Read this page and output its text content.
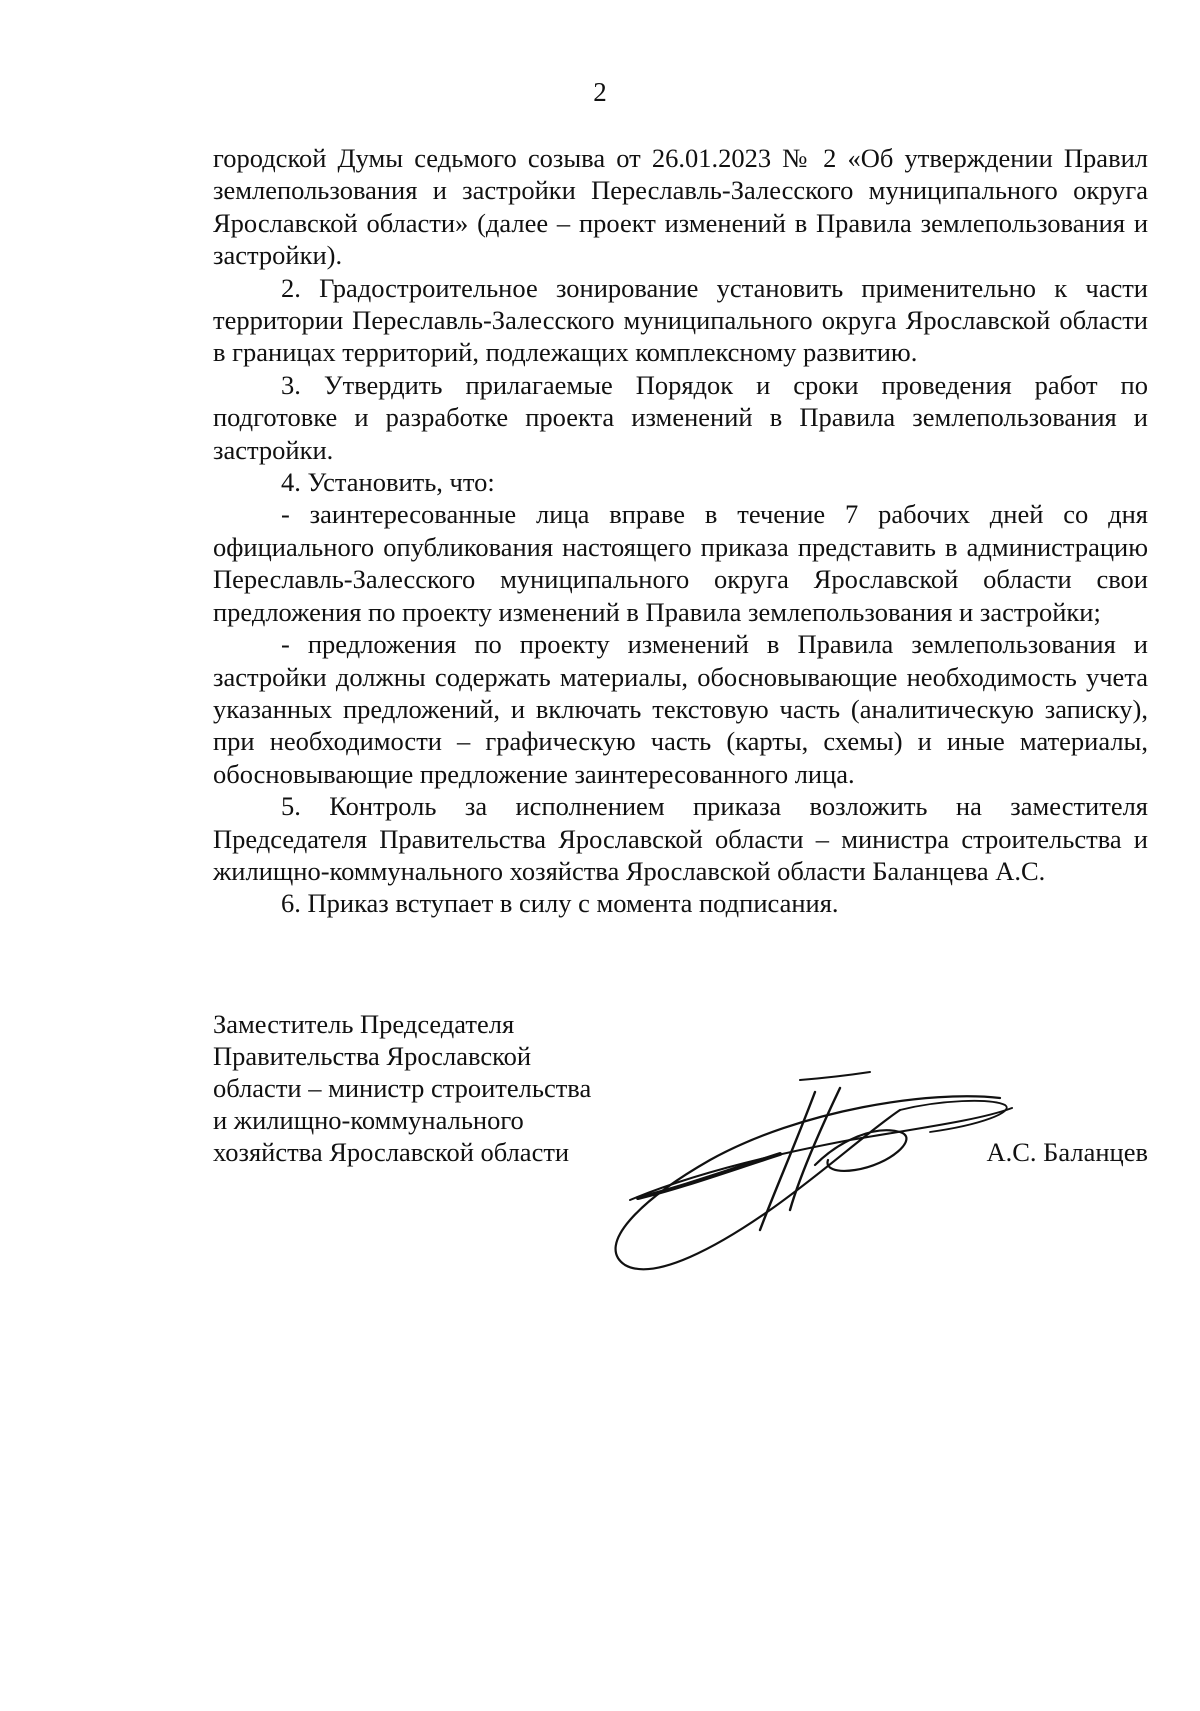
2

городской Думы седьмого созыва от 26.01.2023 № 2 «Об утверждении Правил землепользования и застройки Переславль-Залесского муниципального округа Ярославской области» (далее – проект изменений в Правила землепользования и застройки).

2. Градостроительное зонирование установить применительно к части территории Переславль-Залесского муниципального округа Ярославской области в границах территорий, подлежащих комплексному развитию.

3. Утвердить прилагаемые Порядок и сроки проведения работ по подготовке и разработке проекта изменений в Правила землепользования и застройки.

4. Установить, что:

- заинтересованные лица вправе в течение 7 рабочих дней со дня официального опубликования настоящего приказа представить в администрацию Переславль-Залесского муниципального округа Ярославской области свои предложения по проекту изменений в Правила землепользования и застройки;

- предложения по проекту изменений в Правила землепользования и застройки должны содержать материалы, обосновывающие необходимость учета указанных предложений, и включать текстовую часть (аналитическую записку), при необходимости – графическую часть (карты, схемы) и иные материалы, обосновывающие предложение заинтересованного лица.

5. Контроль за исполнением приказа возложить на заместителя Председателя Правительства Ярославской области – министра строительства и жилищно-коммунального хозяйства Ярославской области Баланцева А.С.

6. Приказ вступает в силу с момента подписания.

Заместитель Председателя
Правительства Ярославской
области – министр строительства
и жилищно-коммунального
хозяйства Ярославской области	А.С. Баланцев
